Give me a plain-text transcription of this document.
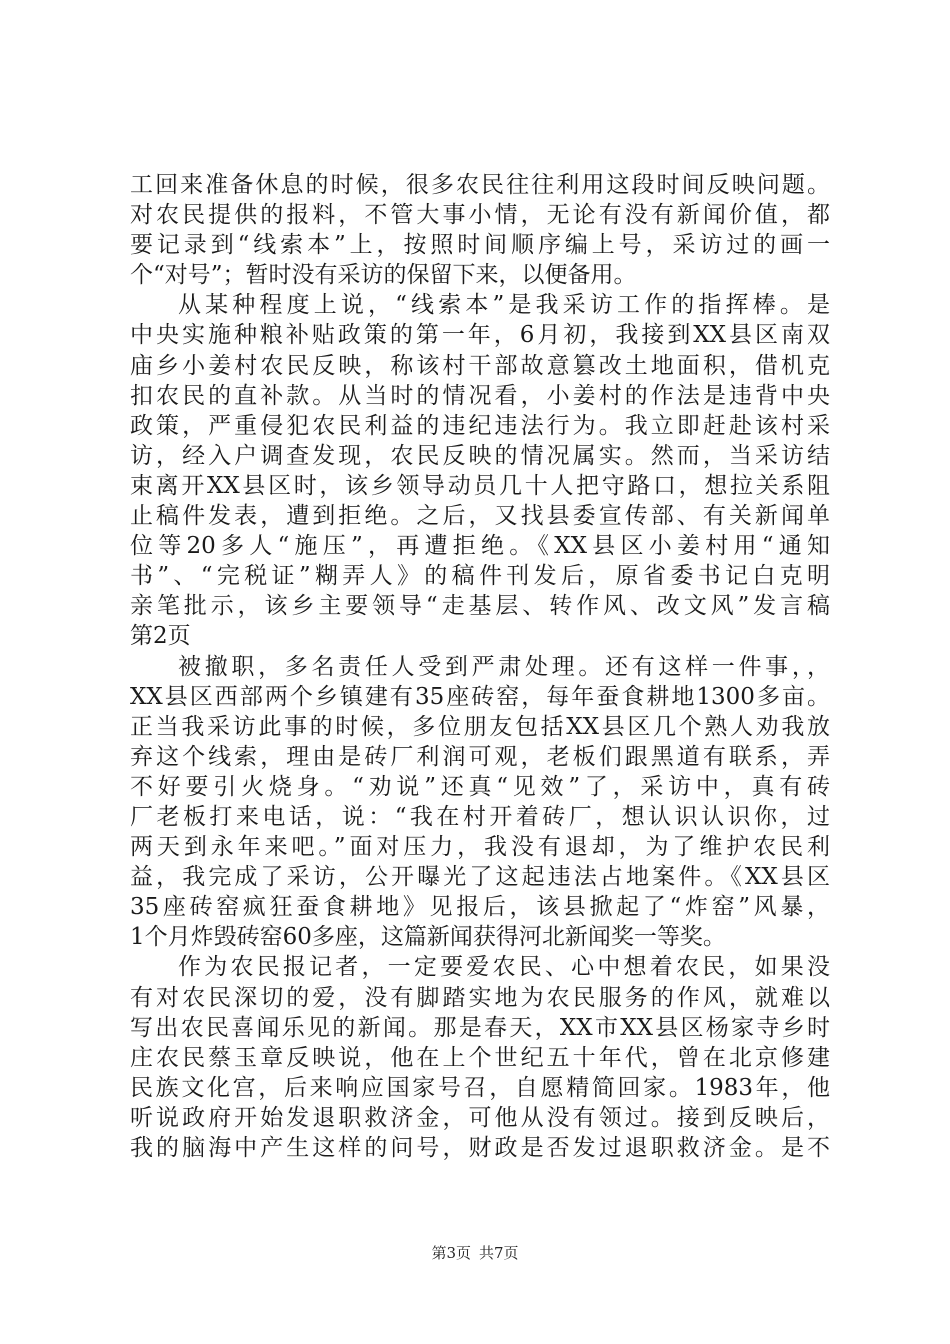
工回来准备休息的时候，很多农民往往利用这段时间反映问题。
对农民提供的报料，不管大事小情，无论有没有新闻价值，都
要记录到“线索本”上，按照时间顺序编上号，采访过的画一
个“对号”；暂时没有采访的保留下来，以便备用。
从某种程度上说，“线索本”是我采访工作的指挥棒。是
中央实施种粮补贴政策的第一年，6月初，我接到XX县区南双
庙乡小姜村农民反映，称该村干部故意篡改土地面积，借机克
扣农民的直补款。从当时的情况看，小姜村的作法是违背中央
政策，严重侵犯农民利益的违纪违法行为。我立即赶赴该村采
访，经入户调查发现，农民反映的情况属实。然而，当采访结
束离开XX县区时，该乡领导动员几十人把守路口，想拉关系阻
止稿件发表，遭到拒绝。之后，又找县委宣传部、有关新闻单
位等20多人“施压”，再遭拒绝。《XX县区小姜村用“通知
书”、“完税证”糊弄人》的稿件刊发后，原省委书记白克明
亲笔批示，该乡主要领导“走基层、转作风、改文风”发言稿
第2页
被撤职，多名责任人受到严肃处理。还有这样一件事，，
XX县区西部两个乡镇建有35座砖窑，每年蚕食耕地1300多亩。
正当我采访此事的时候，多位朋友包括XX县区几个熟人劝我放
弃这个线索，理由是砖厂利润可观，老板们跟黑道有联系，弄
不好要引火烧身。“劝说”还真“见效”了，采访中，真有砖
厂老板打来电话，说：“我在村开着砖厂，想认识认识你，过
两天到永年来吧。”面对压力，我没有退却，为了维护农民利
益，我完成了采访，公开曝光了这起违法占地案件。《XX县区
35座砖窑疯狂蚕食耕地》见报后，该县掀起了“炸窑”风暴，
1个月炸毁砖窑60多座，这篇新闻获得河北新闻奖一等奖。
作为农民报记者，一定要爱农民、心中想着农民，如果没
有对农民深切的爱，没有脚踏实地为农民服务的作风，就难以
写出农民喜闻乐见的新闻。那是春天，XX市XX县区杨家寺乡时
庄农民蔡玉章反映说，他在上个世纪五十年代，曾在北京修建
民族文化宫，后来响应国家号召，自愿精简回家。1983年，他
听说政府开始发退职救济金，可他从没有领过。接到反映后，
我的脑海中产生这样的问号，财政是否发过退职救济金。是不
第3页 共7页
